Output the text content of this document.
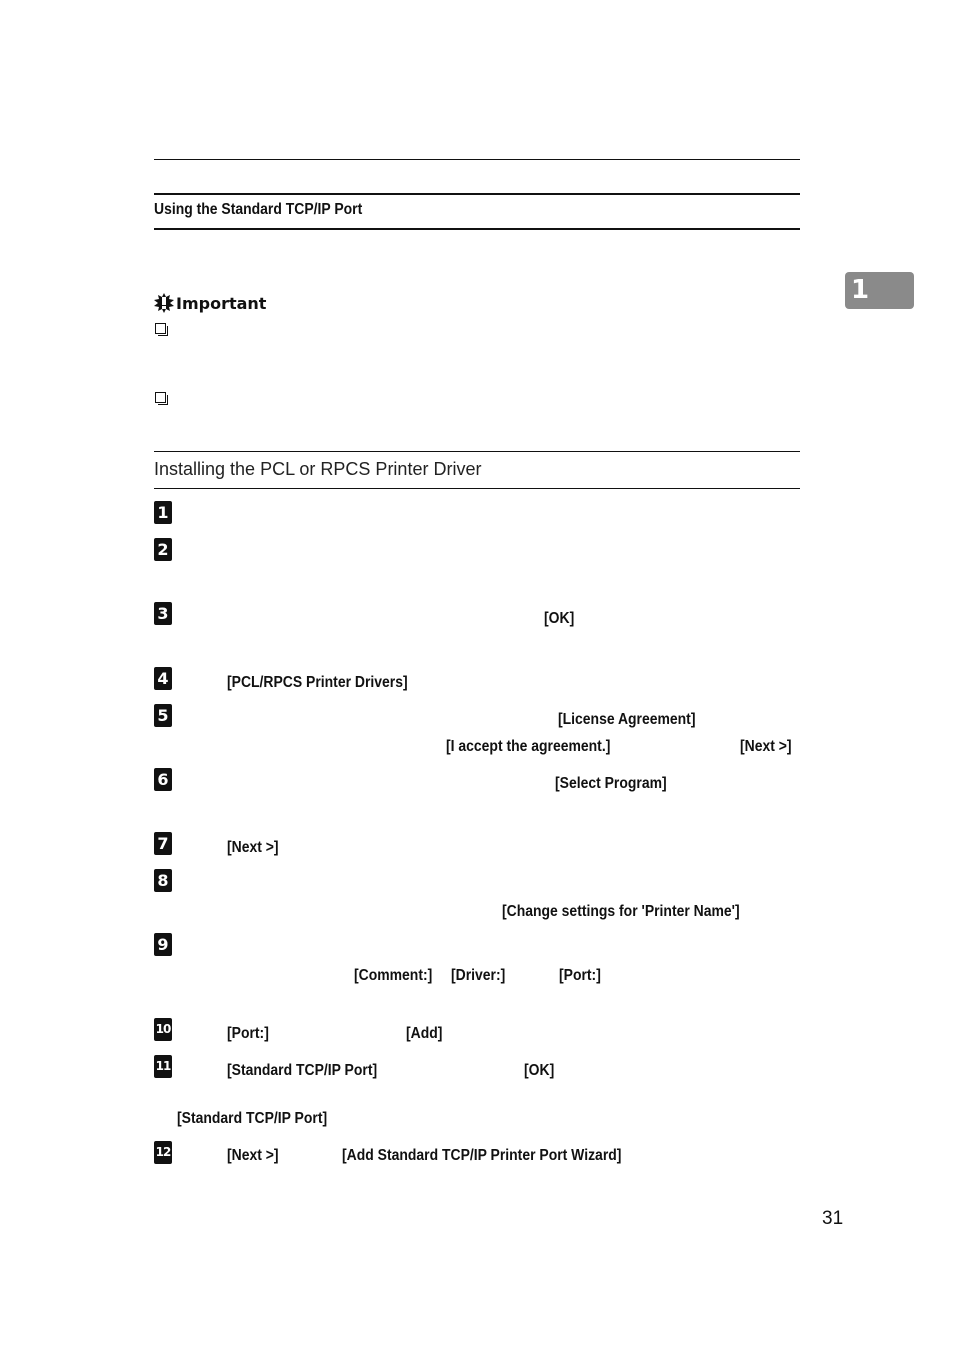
Using the Standard TCP/IP Port
1
Important
Installing the PCL or RPCS Printer Driver
1
2
3
4
5
6
7
8
9
10
11
12
[OK]
[PCL/RPCS Printer Drivers]
[License Agreement]
[I accept the agreement.]	[Next >]
[Select Program]
[Next >]
[Change settings for 'Printer Name']
[Comment:] [Driver:]	[Port:]
[Port:]	[Add]
[Standard TCP/IP Port]	[OK]
[Standard TCP/IP Port]
[Next >]	[Add Standard TCP/IP Printer Port Wizard]
31
